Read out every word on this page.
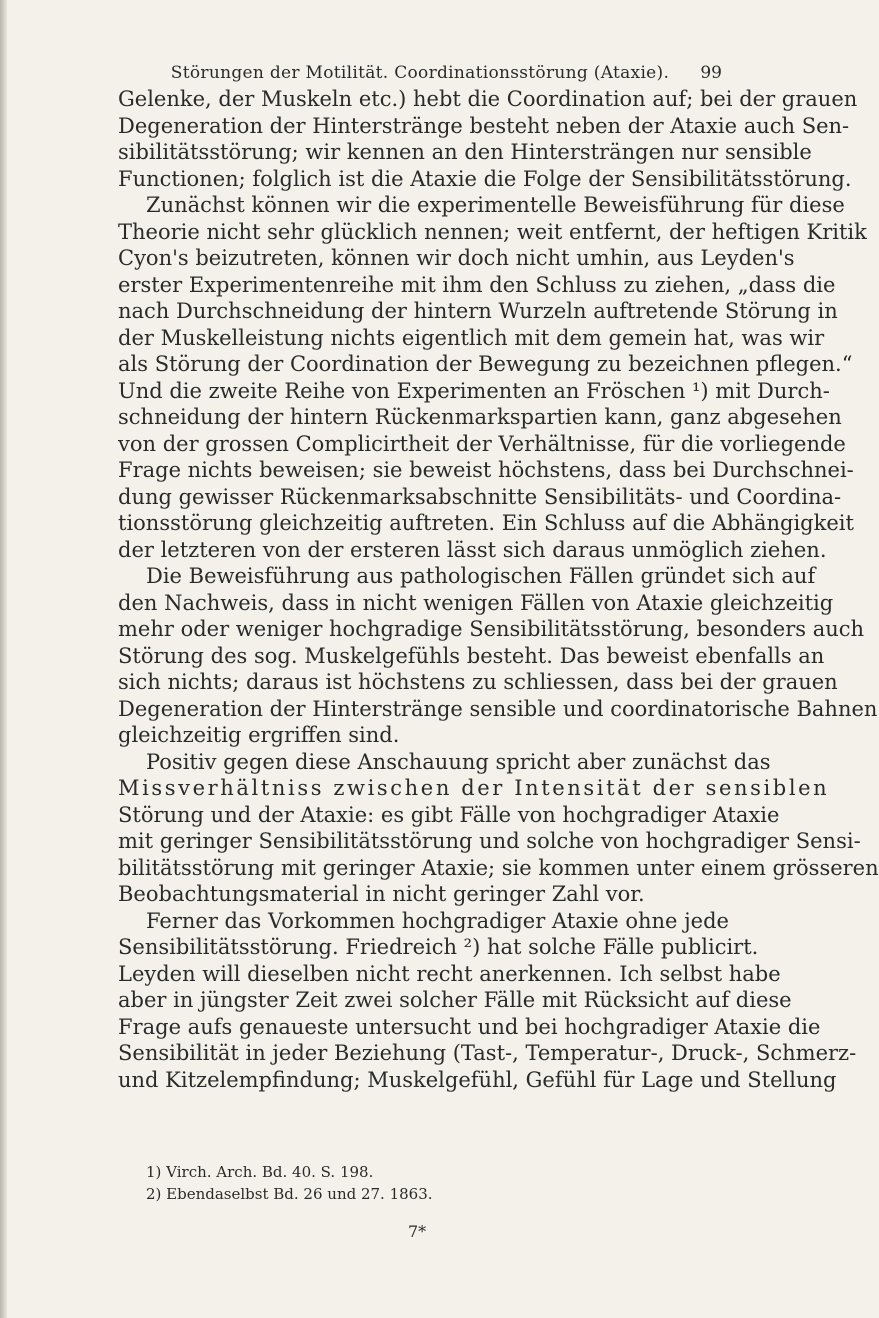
Störungen der Motilität. Coordinationsstörung (Ataxie).	99
Gelenke, der Muskeln etc.) hebt die Coordination auf; bei der grauen
Degeneration der Hinterstränge besteht neben der Ataxie auch Sen-
sibilitätsstörung; wir kennen an den Hintersträngen nur sensible
Functionen; folglich ist die Ataxie die Folge der Sensibilitätsstörung.
Zunächst können wir die experimentelle Beweisführung für diese
Theorie nicht sehr glücklich nennen; weit entfernt, der heftigen Kritik
Cyon's beizutreten, können wir doch nicht umhin, aus Leyden's
erster Experimentenreihe mit ihm den Schluss zu ziehen, „dass die
nach Durchschneidung der hintern Wurzeln auftretende Störung in
der Muskelleistung nichts eigentlich mit dem gemein hat, was wir
als Störung der Coordination der Bewegung zu bezeichnen pflegen.“
Und die zweite Reihe von Experimenten an Fröschen ¹) mit Durch-
schneidung der hintern Rückenmarkspartien kann, ganz abgesehen
von der grossen Complicirtheit der Verhältnisse, für die vorliegende
Frage nichts beweisen; sie beweist höchstens, dass bei Durchschnei-
dung gewisser Rückenmarksabschnitte Sensibilitäts- und Coordina-
tionsstörung gleichzeitig auftreten. Ein Schluss auf die Abhängigkeit
der letzteren von der ersteren lässt sich daraus unmöglich ziehen.
Die Beweisführung aus pathologischen Fällen gründet sich auf
den Nachweis, dass in nicht wenigen Fällen von Ataxie gleichzeitig
mehr oder weniger hochgradige Sensibilitätsstörung, besonders auch
Störung des sog. Muskelgefühls besteht. Das beweist ebenfalls an
sich nichts; daraus ist höchstens zu schliessen, dass bei der grauen
Degeneration der Hinterstränge sensible und coordinatorische Bahnen
gleichzeitig ergriffen sind.
Positiv gegen diese Anschauung spricht aber zunächst das
Missverhältniss zwischen der Intensität der sensiblen
Störung und der Ataxie: es gibt Fälle von hochgradiger Ataxie
mit geringer Sensibilitätsstörung und solche von hochgradiger Sensi-
bilitätsstörung mit geringer Ataxie; sie kommen unter einem grösseren
Beobachtungsmaterial in nicht geringer Zahl vor.
Ferner das Vorkommen hochgradiger Ataxie ohne jede
Sensibilitätsstörung. Friedreich ²) hat solche Fälle publicirt.
Leyden will dieselben nicht recht anerkennen. Ich selbst habe
aber in jüngster Zeit zwei solcher Fälle mit Rücksicht auf diese
Frage aufs genaueste untersucht und bei hochgradiger Ataxie die
Sensibilität in jeder Beziehung (Tast-, Temperatur-, Druck-, Schmerz-
und Kitzelempfindung; Muskelgefühl, Gefühl für Lage und Stellung
1) Virch. Arch. Bd. 40. S. 198.
2) Ebendaselbst Bd. 26 und 27. 1863.
7*
